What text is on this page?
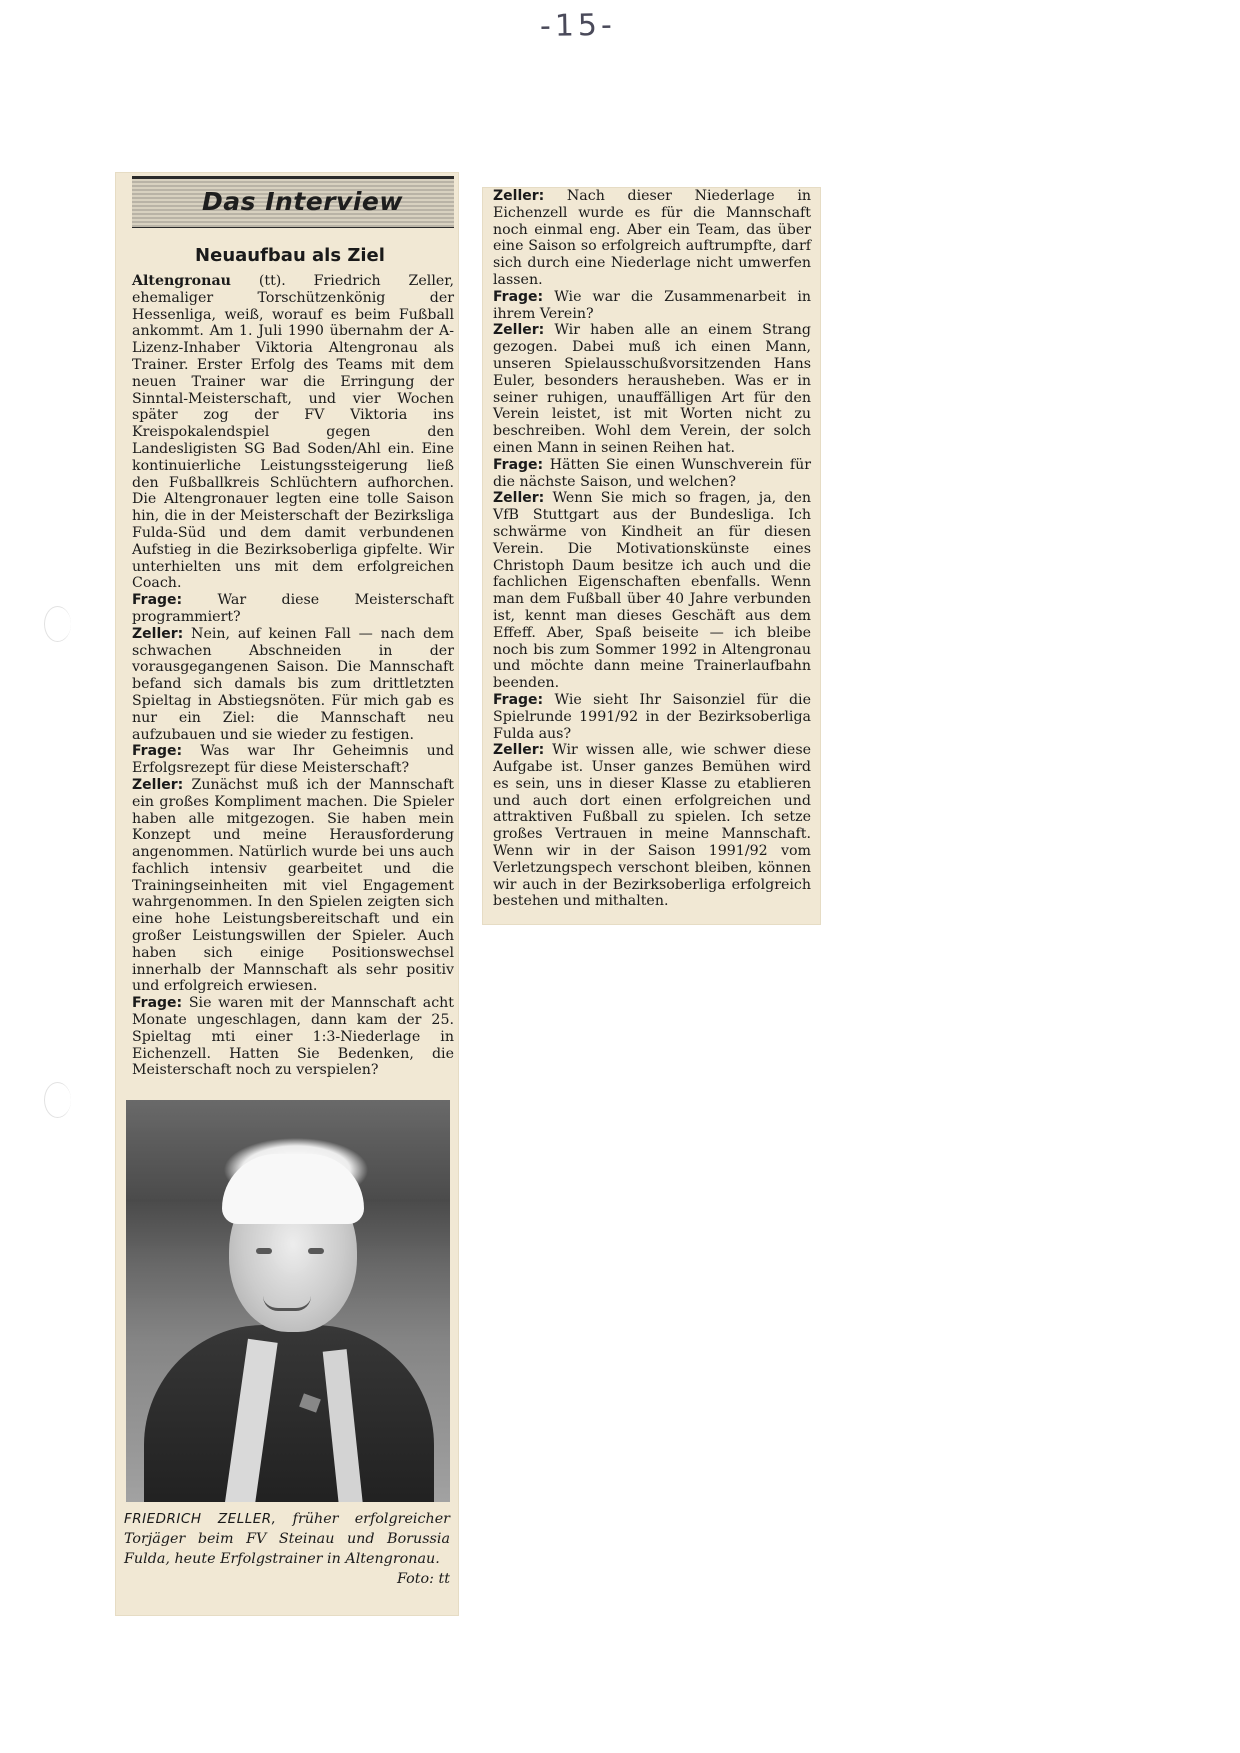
-15-
Das Interview
Neuaufbau als Ziel

Altengronau (tt). Friedrich Zeller, ehemaliger Torschützenkönig der Hessenliga, weiß, worauf es beim Fußball ankommt. Am 1. Juli 1990 übernahm der A-Lizenz-Inhaber Viktoria Altengronau als Trainer. Erster Erfolg des Teams mit dem neuen Trainer war die Erringung der Sinntal-Meisterschaft, und vier Wochen später zog der FV Viktoria ins Kreispokalendspiel gegen den Landesligisten SG Bad Soden/Ahl ein. Eine kontinuierliche Leistungssteigerung ließ den Fußballkreis Schlüchtern aufhorchen. Die Altengronauer legten eine tolle Saison hin, die in der Meisterschaft der Bezirksliga Fulda-Süd und dem damit verbundenen Aufstieg in die Bezirksoberliga gipfelte. Wir unterhielten uns mit dem erfolgreichen Coach.

Frage: War diese Meisterschaft programmiert?

Zeller: Nein, auf keinen Fall — nach dem schwachen Abschneiden in der vorausgegangenen Saison. Die Mannschaft befand sich damals bis zum drittletzten Spieltag in Abstiegsnöten. Für mich gab es nur ein Ziel: die Mannschaft neu aufzubauen und sie wieder zu festigen.

Frage: Was war Ihr Geheimnis und Erfolgsrezept für diese Meisterschaft?

Zeller: Zunächst muß ich der Mannschaft ein großes Kompliment machen. Die Spieler haben alle mitgezogen. Sie haben mein Konzept und meine Herausforderung angenommen. Natürlich wurde bei uns auch fachlich intensiv gearbeitet und die Trainingseinheiten mit viel Engagement wahrgenommen. In den Spielen zeigten sich eine hohe Leistungsbereitschaft und ein großer Leistungswillen der Spieler. Auch haben sich einige Positionswechsel innerhalb der Mannschaft als sehr positiv und erfolgreich erwiesen.

Frage: Sie waren mit der Mannschaft acht Monate ungeschlagen, dann kam der 25. Spieltag mti einer 1:3-Niederlage in Eichenzell. Hatten Sie Bedenken, die Meisterschaft noch zu verspielen?

FRIEDRICH ZELLER, früher erfolgreicher Torjäger beim FV Steinau und Borussia Fulda, heute Erfolgstrainer in Altengronau.
Foto: tt

Zeller: Nach dieser Niederlage in Eichenzell wurde es für die Mannschaft noch einmal eng. Aber ein Team, das über eine Saison so erfolgreich auftrumpfte, darf sich durch eine Niederlage nicht umwerfen lassen.

Frage: Wie war die Zusammenarbeit in ihrem Verein?

Zeller: Wir haben alle an einem Strang gezogen. Dabei muß ich einen Mann, unseren Spielausschußvorsitzenden Hans Euler, besonders herausheben. Was er in seiner ruhigen, unauffälligen Art für den Verein leistet, ist mit Worten nicht zu beschreiben. Wohl dem Verein, der solch einen Mann in seinen Reihen hat.

Frage: Hätten Sie einen Wunschverein für die nächste Saison, und welchen?

Zeller: Wenn Sie mich so fragen, ja, den VfB Stuttgart aus der Bundesliga. Ich schwärme von Kindheit an für diesen Verein. Die Motivationskünste eines Christoph Daum besitze ich auch und die fachlichen Eigenschaften ebenfalls. Wenn man dem Fußball über 40 Jahre verbunden ist, kennt man dieses Geschäft aus dem Effeff. Aber, Spaß beiseite — ich bleibe noch bis zum Sommer 1992 in Altengronau und möchte dann meine Trainerlaufbahn beenden.

Frage: Wie sieht Ihr Saisonziel für die Spielrunde 1991/92 in der Bezirksoberliga Fulda aus?

Zeller: Wir wissen alle, wie schwer diese Aufgabe ist. Unser ganzes Bemühen wird es sein, uns in dieser Klasse zu etablieren und auch dort einen erfolgreichen und attraktiven Fußball zu spielen. Ich setze großes Vertrauen in meine Mannschaft. Wenn wir in der Saison 1991/92 vom Verletzungspech verschont bleiben, können wir auch in der Bezirksoberliga erfolgreich bestehen und mithalten.
